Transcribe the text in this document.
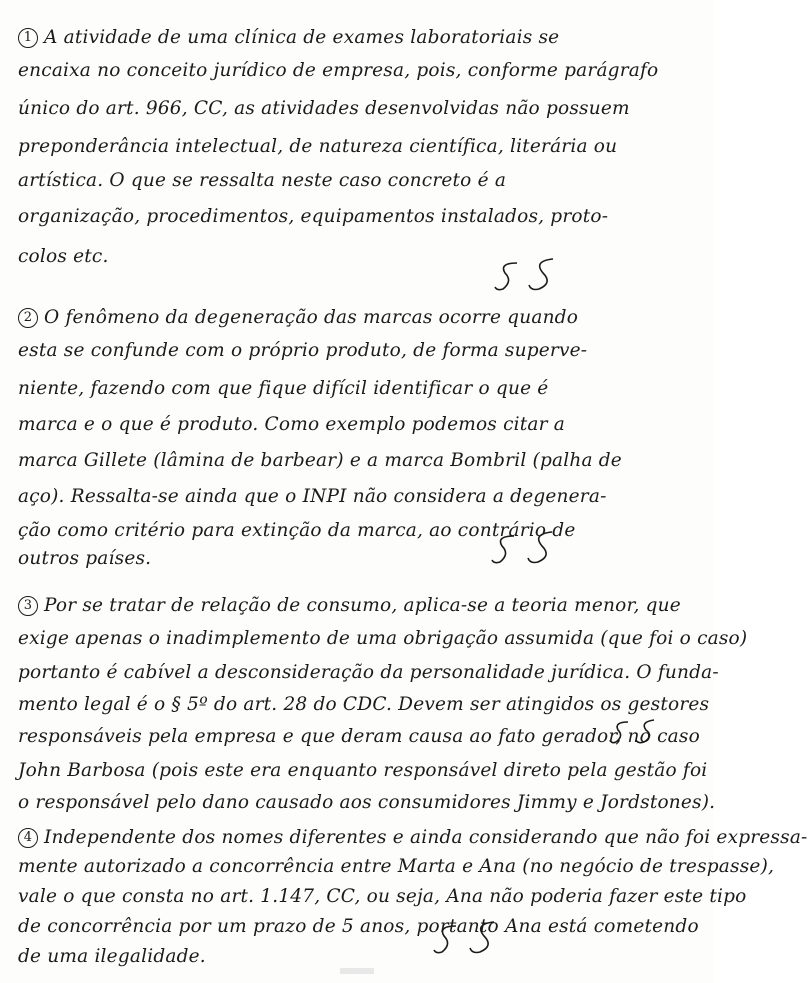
1 A atividade de uma clínica de exames laboratoriais se
encaixa no conceito jurídico de empresa, pois, conforme parágrafo
único do art. 966, CC, as atividades desenvolvidas não possuem
preponderância intelectual, de natureza científica, literária ou
artística. O que se ressalta neste caso concreto é a
organização, procedimentos, equipamentos instalados, proto-
colos etc.
2 O fenômeno da degeneração das marcas ocorre quando
esta se confunde com o próprio produto, de forma superve-
niente, fazendo com que fique difícil identificar o que é
marca e o que é produto. Como exemplo podemos citar a
marca Gillete (lâmina de barbear) e a marca Bombril (palha de
aço). Ressalta-se ainda que o INPI não considera a degenera-
ção como critério para extinção da marca, ao contrário de
outros países.
3 Por se tratar de relação de consumo, aplica-se a teoria menor, que
exige apenas o inadimplemento de uma obrigação assumida (que foi o caso)
portanto é cabível a desconsideração da personalidade jurídica. O funda-
mento legal é o § 5º do art. 28 do CDC. Devem ser atingidos os gestores
responsáveis pela empresa e que deram causa ao fato gerador, no caso
John Barbosa (pois este era enquanto responsável direto pela gestão foi
o responsável pelo dano causado aos consumidores Jimmy e Jordstones).
4 Independente dos nomes diferentes e ainda considerando que não foi expressa-
mente autorizado a concorrência entre Marta e Ana (no negócio de trespasse),
vale o que consta no art. 1.147, CC, ou seja, Ana não poderia fazer este tipo
de concorrência por um prazo de 5 anos, portanto Ana está cometendo
de uma ilegalidade.
